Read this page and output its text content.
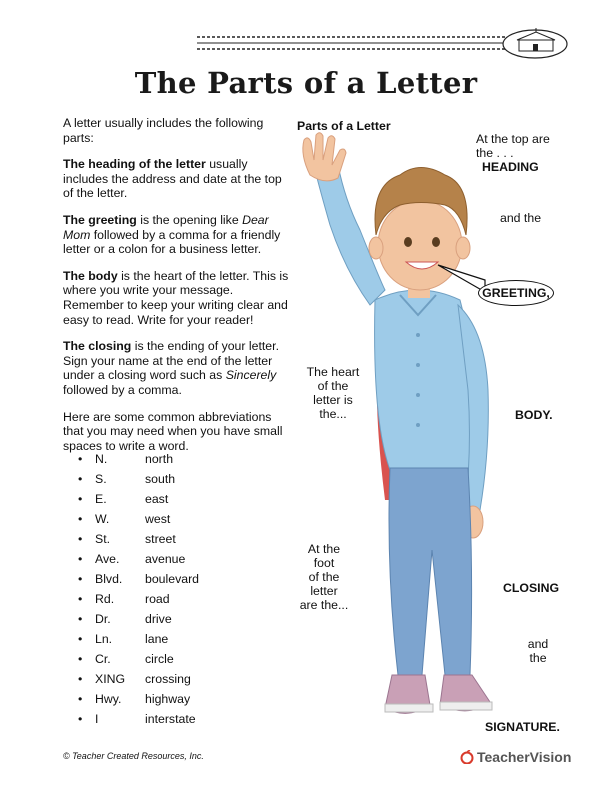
The Parts of a Letter

A letter usually includes the following parts:

The heading of the letter usually includes the address and date at the top of the letter.

The greeting is the opening like Dear Mom followed by a comma for a friendly letter or a colon for a business letter.

The body is the heart of the letter. This is where you write your message. Remember to keep your writing clear and easy to read. Write for your reader!

The closing is the ending of your letter. Sign your name at the end of the letter under a closing word such as Sincerely followed by a comma.

Here are some common abbreviations that you may need when you have small spaces to write a word.

•	N.	north
•	S.	south
•	E.	east
•	W.	west
•	St.	street
•	Ave.	avenue
•	Blvd.	boulevard
•	Rd.	road
•	Dr.	drive
•	Ln.	lane
•	Cr.	circle
•	XING	crossing
•	Hwy.	highway
•	I	interstate
GREETING,
Parts of a Letter
At the top are
the . . .
HEADING
and the
The heart
of the
letter is the...	BODY.
At the
foot
of the
letter
are the...
CLOSING
and
the
SIGNATURE.
© Teacher Created Resources, Inc.	TeacherVision
